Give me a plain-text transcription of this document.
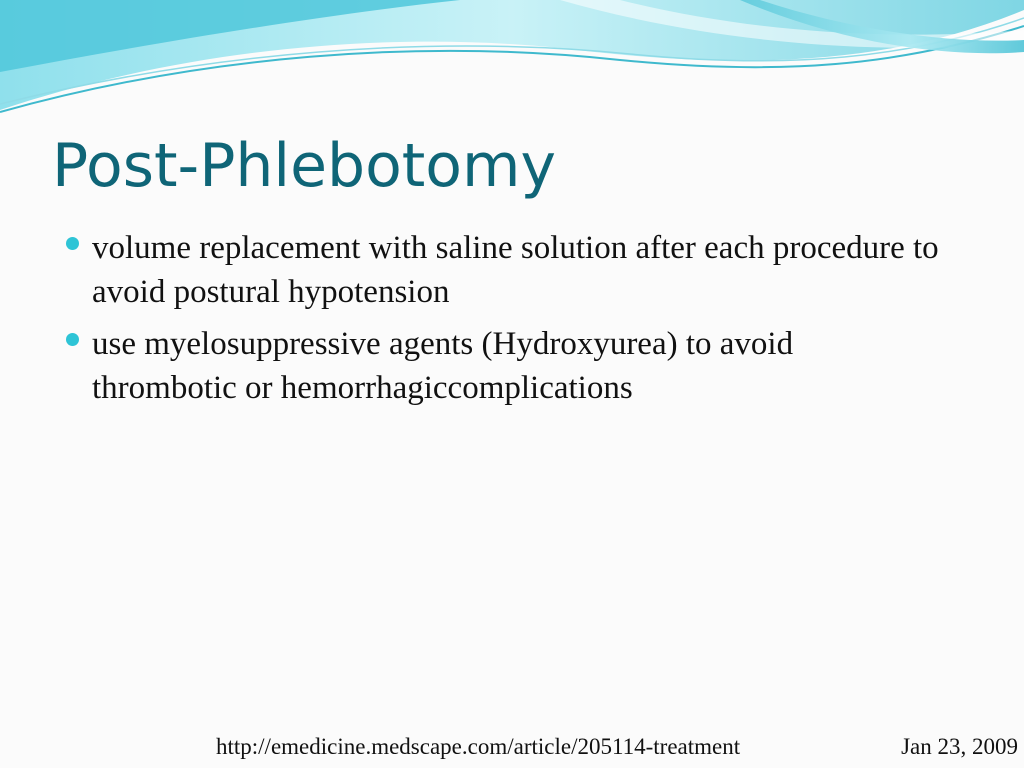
Post-Phlebotomy
volume replacement with saline solution after each procedure to avoid postural hypotension
use myelosuppressive agents (Hydroxyurea) to avoid thrombotic or hemorrhagiccomplications
http://emedicine.medscape.com/article/205114-treatment	Jan 23, 2009
